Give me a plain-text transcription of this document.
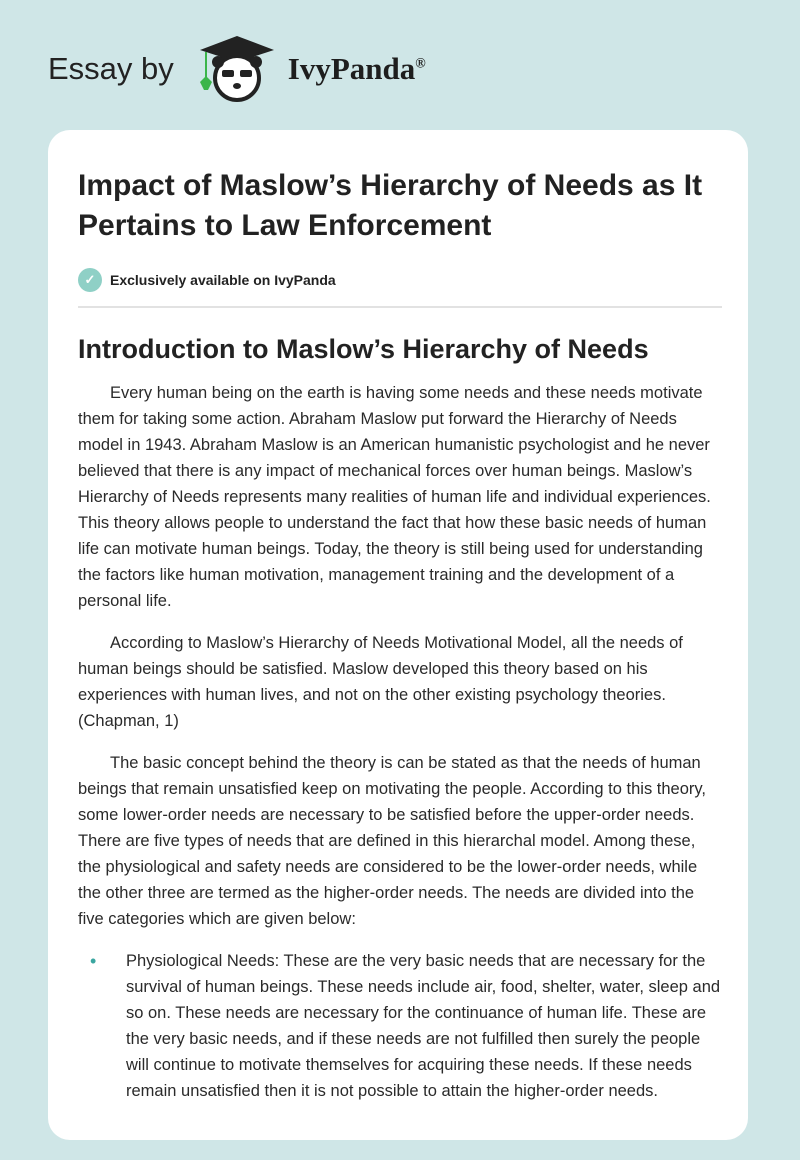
Essay by	IvyPanda®
Impact of Maslow’s Hierarchy of Needs as It Pertains to Law Enforcement
✓	Exclusively available on IvyPanda
Introduction to Maslow’s Hierarchy of Needs

Every human being on the earth is having some needs and these needs motivate them for taking some action. Abraham Maslow put forward the Hierarchy of Needs model in 1943. Abraham Maslow is an American humanistic psychologist and he never believed that there is any impact of mechanical forces over human beings. Maslow’s Hierarchy of Needs represents many realities of human life and individual experiences. This theory allows people to understand the fact that how these basic needs of human life can motivate human beings. Today, the theory is still being used for understanding the factors like human motivation, management training and the development of a personal life.

According to Maslow’s Hierarchy of Needs Motivational Model, all the needs of human beings should be satisfied. Maslow developed this theory based on his experiences with human lives, and not on the other existing psychology theories. (Chapman, 1)

The basic concept behind the theory is can be stated as that the needs of human beings that remain unsatisfied keep on motivating the people. According to this theory, some lower-order needs are necessary to be satisfied before the upper-order needs. There are five types of needs that are defined in this hierarchal model. Among these, the physiological and safety needs are considered to be the lower-order needs, while the other three are termed as the higher-order needs. The needs are divided into the five categories which are given below:

• Physiological Needs: These are the very basic needs that are necessary for the survival of human beings. These needs include air, food, shelter, water, sleep and so on. These needs are necessary for the continuance of human life. These are the very basic needs, and if these needs are not fulfilled then surely the people will continue to motivate themselves for acquiring these needs. If these needs remain unsatisfied then it is not possible to attain the higher-order needs.
